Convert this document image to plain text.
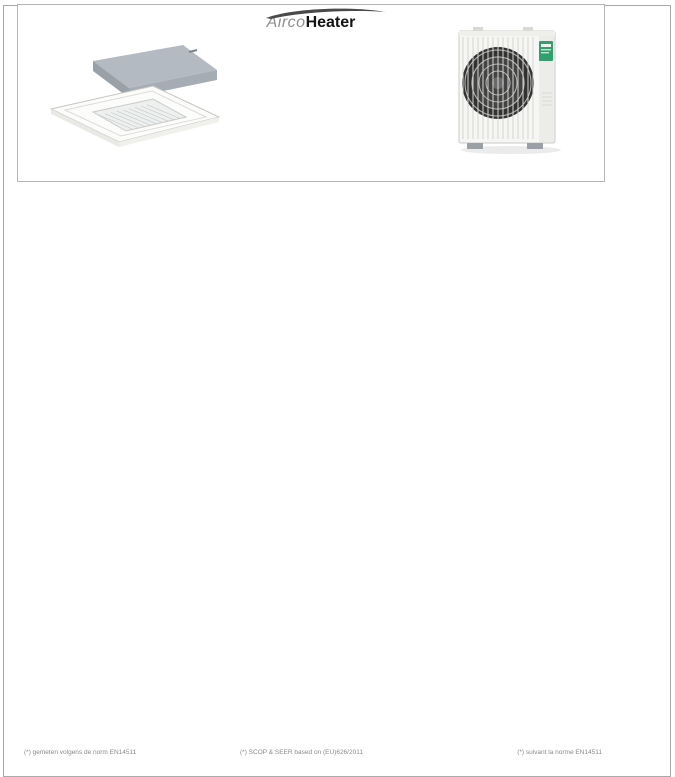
AircoHeater
(*) gemeten volgens de norm EN14511	(*) SCOP & SEER based on (EU)626/2011	(*) suivant la norme EN14511
